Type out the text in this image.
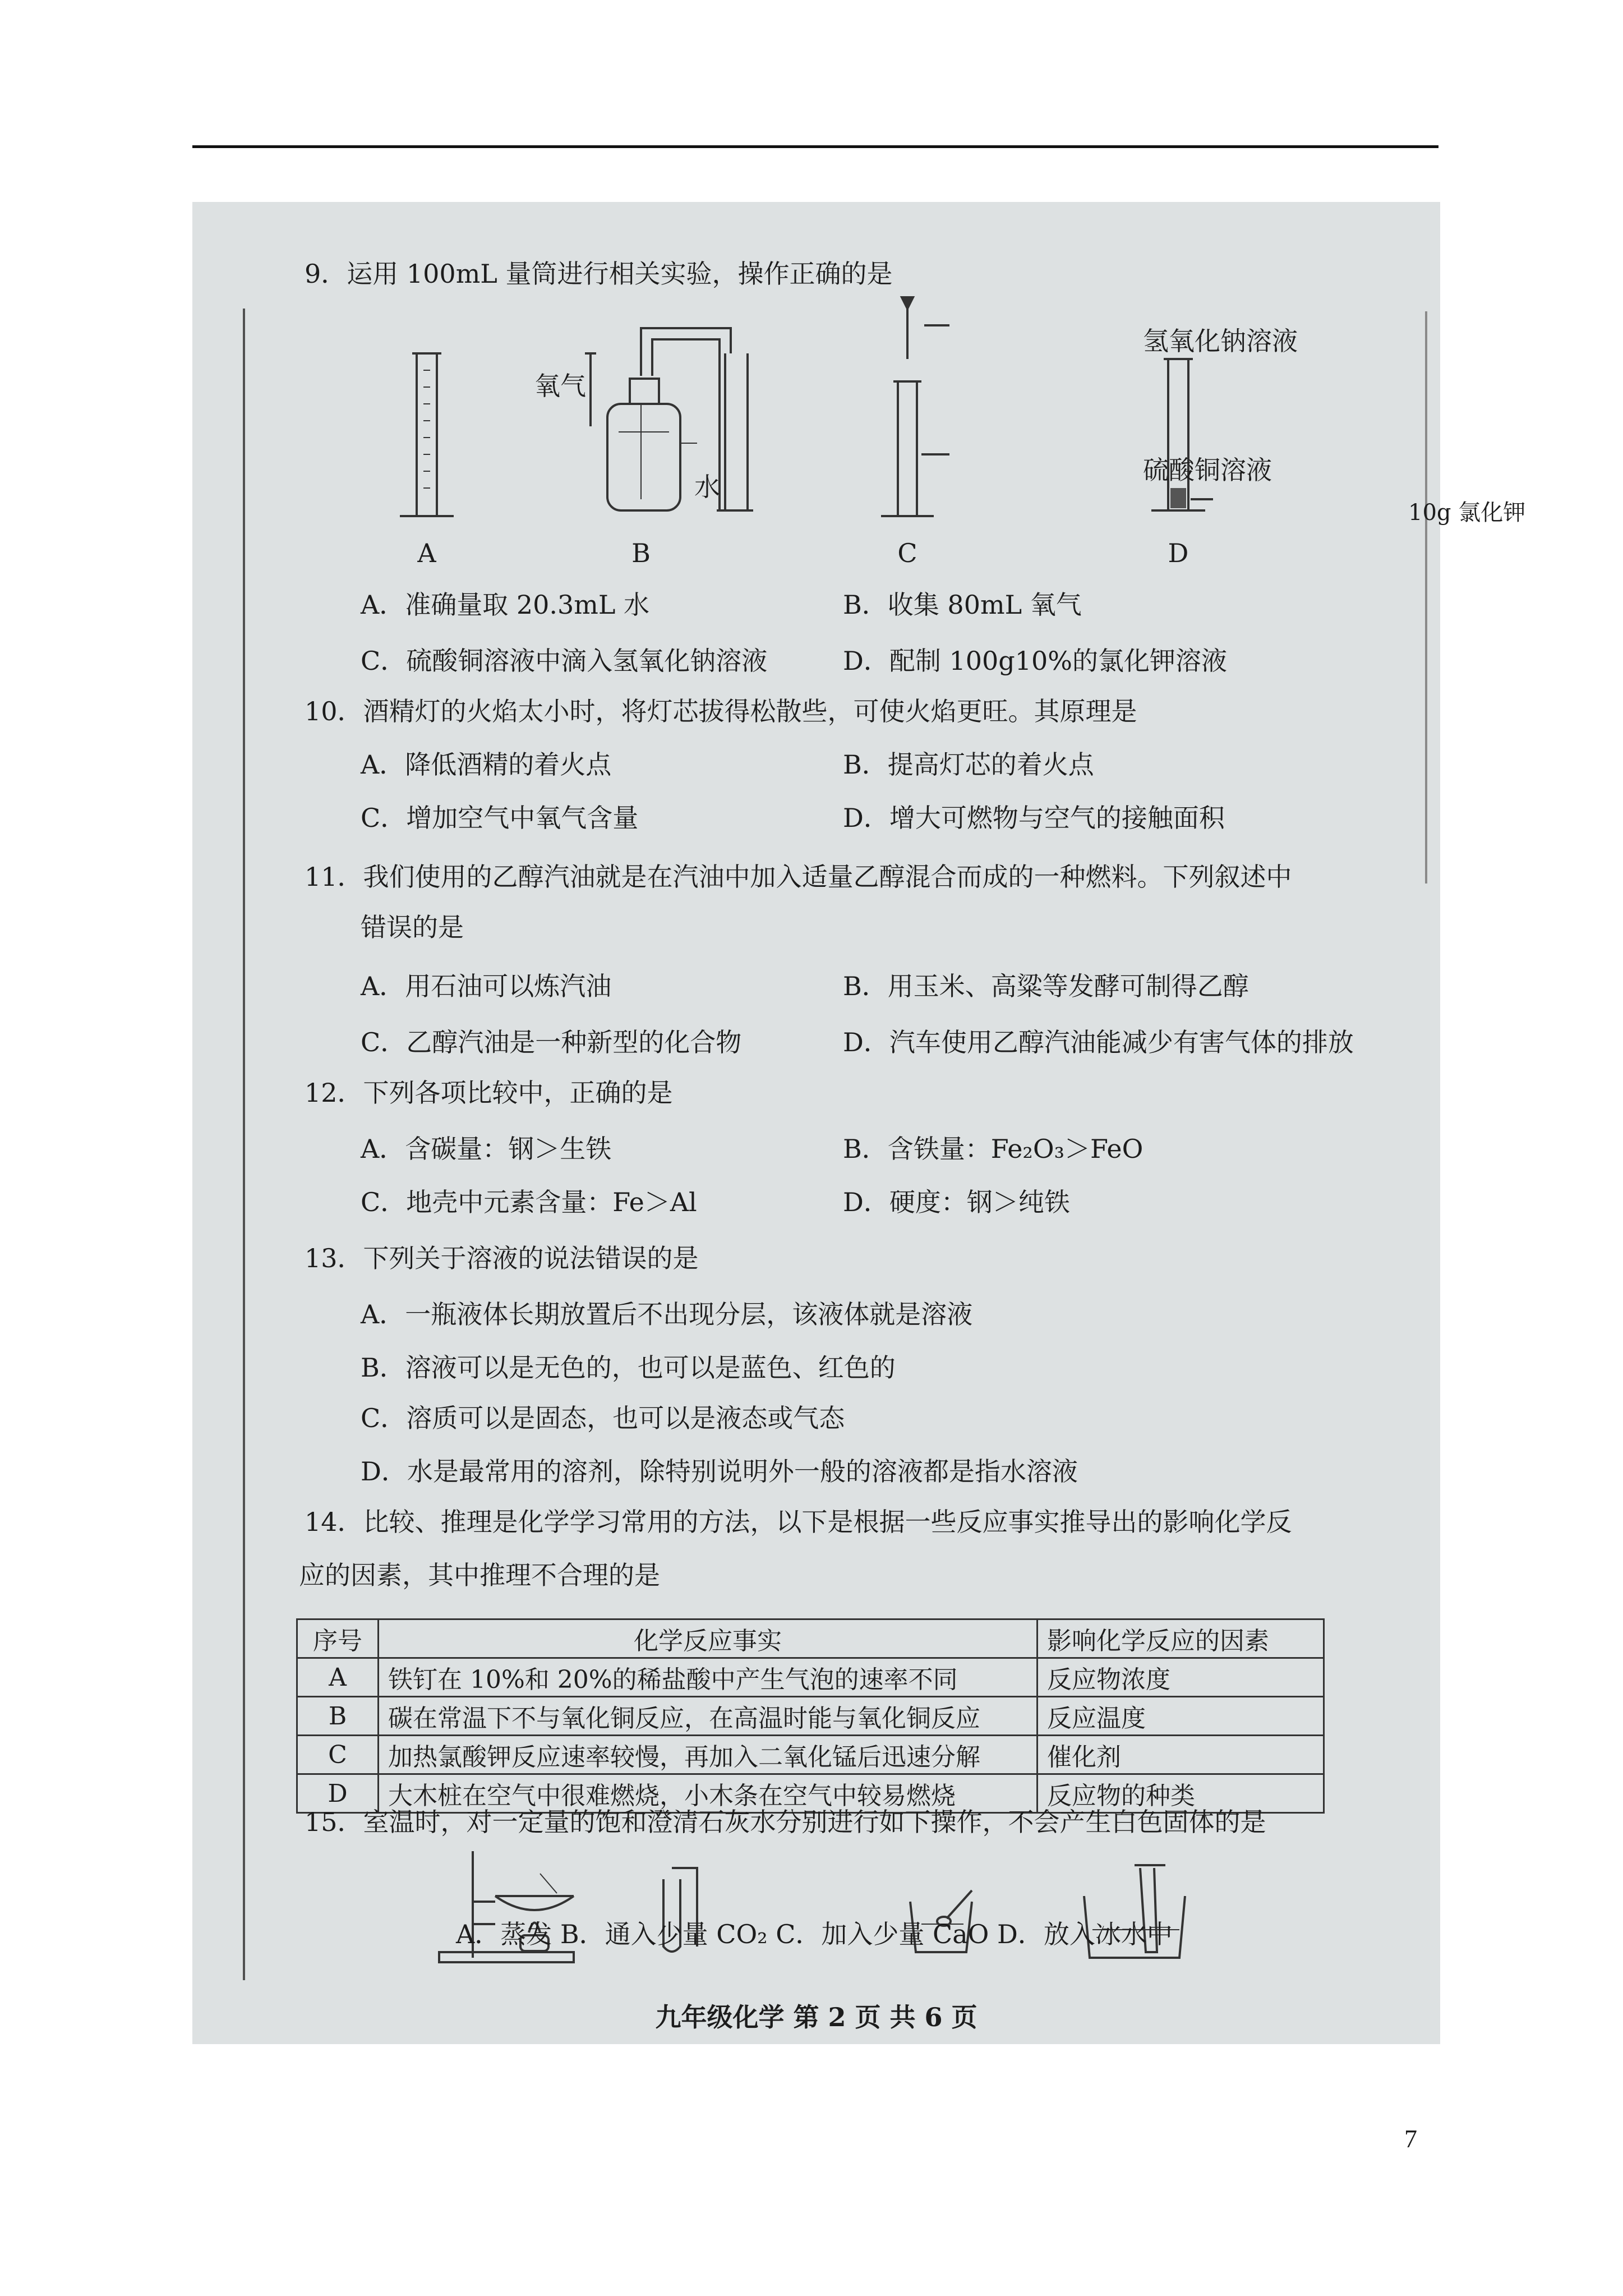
9．运用 100mL 量筒进行相关实验，操作正确的是
氧气
水
氢氧化钠溶液
硫酸铜溶液
10g 氯化钾
A	B	C	D
A．准确量取 20.3mL 水	B．收集 80mL 氧气
C．硫酸铜溶液中滴入氢氧化钠溶液	D．配制 100g10%的氯化钾溶液
10．酒精灯的火焰太小时，将灯芯拔得松散些，可使火焰更旺。其原理是
A．降低酒精的着火点	B．提高灯芯的着火点
C．增加空气中氧气含量	D．增大可燃物与空气的接触面积
11．我们使用的乙醇汽油就是在汽油中加入适量乙醇混合而成的一种燃料。下列叙述中
错误的是
A．用石油可以炼汽油	B．用玉米、高粱等发酵可制得乙醇
C．乙醇汽油是一种新型的化合物	D．汽车使用乙醇汽油能减少有害气体的排放
12．下列各项比较中，正确的是
A．含碳量：钢＞生铁	B．含铁量：Fe₂O₃＞FeO
C．地壳中元素含量：Fe＞Al	D．硬度：钢＞纯铁
13．下列关于溶液的说法错误的是
A．一瓶液体长期放置后不出现分层，该液体就是溶液
B．溶液可以是无色的，也可以是蓝色、红色的
C．溶质可以是固态，也可以是液态或气态
D．水是最常用的溶剂，除特别说明外一般的溶液都是指水溶液
14．比较、推理是化学学习常用的方法，以下是根据一些反应事实推导出的影响化学反
应的因素，其中推理不合理的是
序号	化学反应事实	影响化学反应的因素
A	铁钉在 10%和 20%的稀盐酸中产生气泡的速率不同	反应物浓度
B	碳在常温下不与氧化铜反应，在高温时能与氧化铜反应	反应温度
C	加热氯酸钾反应速率较慢，再加入二氧化锰后迅速分解	催化剂
D	大木桩在空气中很难燃烧，小木条在空气中较易燃烧	反应物的种类
15．室温时，对一定量的饱和澄清石灰水分别进行如下操作，不会产生白色固体的是
A．蒸发 B．通入少量 CO₂ C．加入少量 CaO D．放入冰水中
九年级化学 第 2 页 共 6 页
7
